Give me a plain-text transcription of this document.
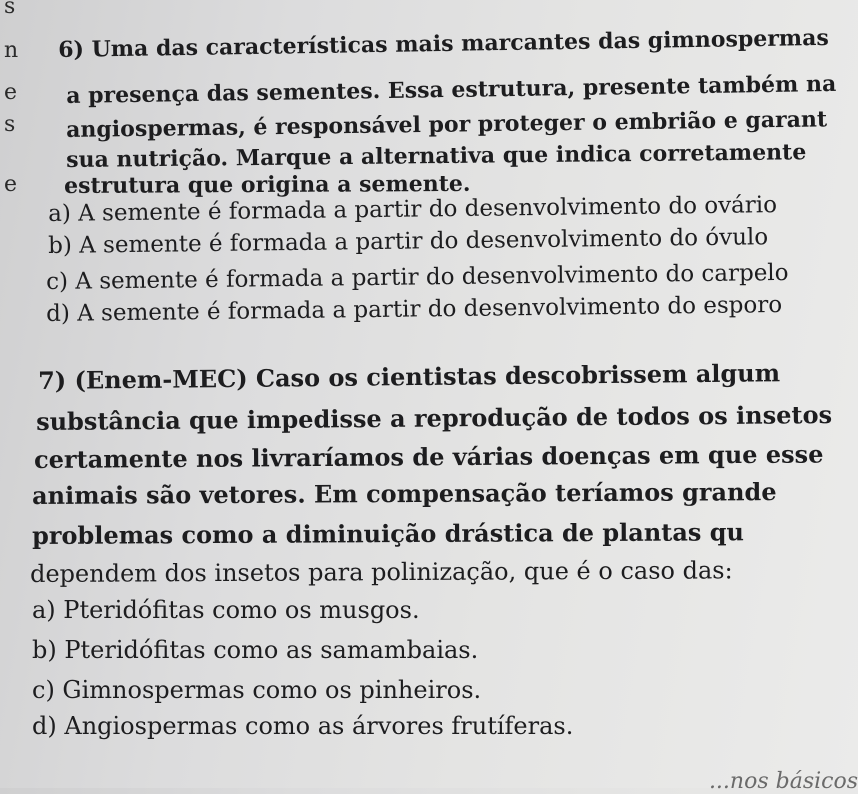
s
n
e
s
e
6) Uma das características mais marcantes das gimnospermas
a presença das sementes. Essa estrutura, presente também na
angiospermas, é responsável por proteger o embrião e garant
sua nutrição. Marque a alternativa que indica corretamente
estrutura que origina a semente.
a) A semente é formada a partir do desenvolvimento do ovário
b) A semente é formada a partir do desenvolvimento do óvulo
c) A semente é formada a partir do desenvolvimento do carpelo
d) A semente é formada a partir do desenvolvimento do esporo
7) (Enem-MEC) Caso os cientistas descobrissem algum
substância que impedisse a reprodução de todos os insetos
certamente nos livraríamos de várias doenças em que esse
animais são vetores. Em compensação teríamos grande
problemas como a diminuição drástica de plantas qu
dependem dos insetos para polinização, que é o caso das:
a) Pteridófitas como os musgos.
b) Pteridófitas como as samambaias.
c) Gimnospermas como os pinheiros.
d) Angiospermas como as árvores frutíferas.
...nos básicos
